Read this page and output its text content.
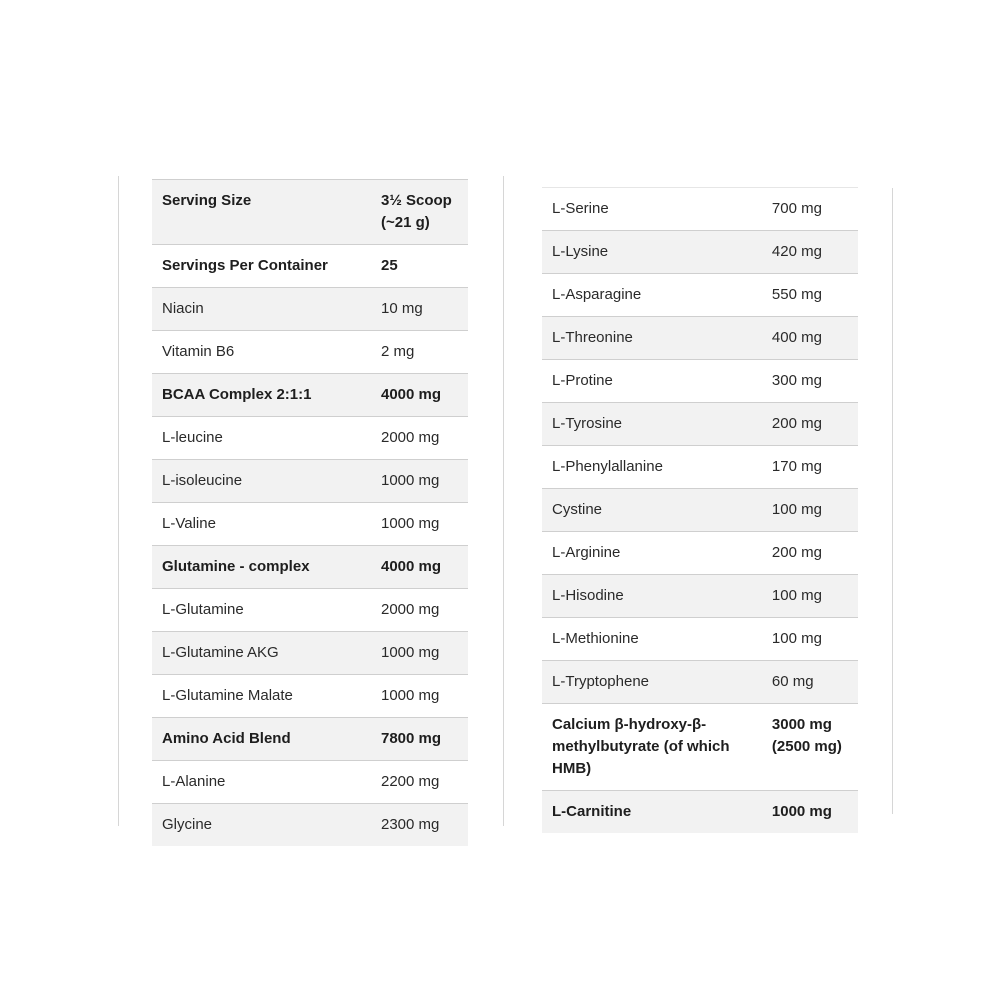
Serving Size	3½ Scoop (~21 g)
Servings Per Container	25
Niacin	10 mg
Vitamin B6	2 mg
BCAA Complex 2:1:1	4000 mg
L-leucine	2000 mg
L-isoleucine	1000 mg
L-Valine	1000 mg
Glutamine - complex	4000 mg
L-Glutamine	2000 mg
L-Glutamine AKG	1000 mg
L-Glutamine Malate	1000 mg
Amino Acid Blend	7800 mg
L-Alanine	2200 mg
Glycine	2300 mg
L-Serine	700 mg
L-Lysine	420 mg
L-Asparagine	550 mg
L-Threonine	400 mg
L-Protine	300 mg
L-Tyrosine	200 mg
L-Phenylallanine	170 mg
Cystine	100 mg
L-Arginine	200 mg
L-Hisodine	100 mg
L-Methionine	100 mg
L-Tryptophene	60 mg
Calcium β-hydroxy-β-methylbutyrate (of which HMB)	3000 mg (2500 mg)
L-Carnitine	1000 mg
